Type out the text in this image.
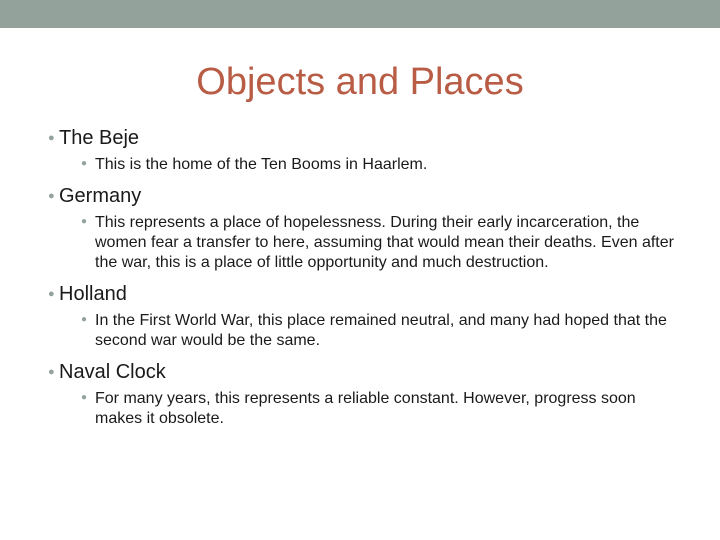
Objects and Places
● The Beje
● This is the home of the Ten Booms in Haarlem.
● Germany
● This represents a place of hopelessness. During their early incarceration, the women fear a transfer to here, assuming that would mean their deaths. Even after the war, this is a place of little opportunity and much destruction.
● Holland
● In the First World War, this place remained neutral, and many had hoped that the second war would be the same.
● Naval Clock
● For many years, this represents a reliable constant. However, progress soon makes it obsolete.
